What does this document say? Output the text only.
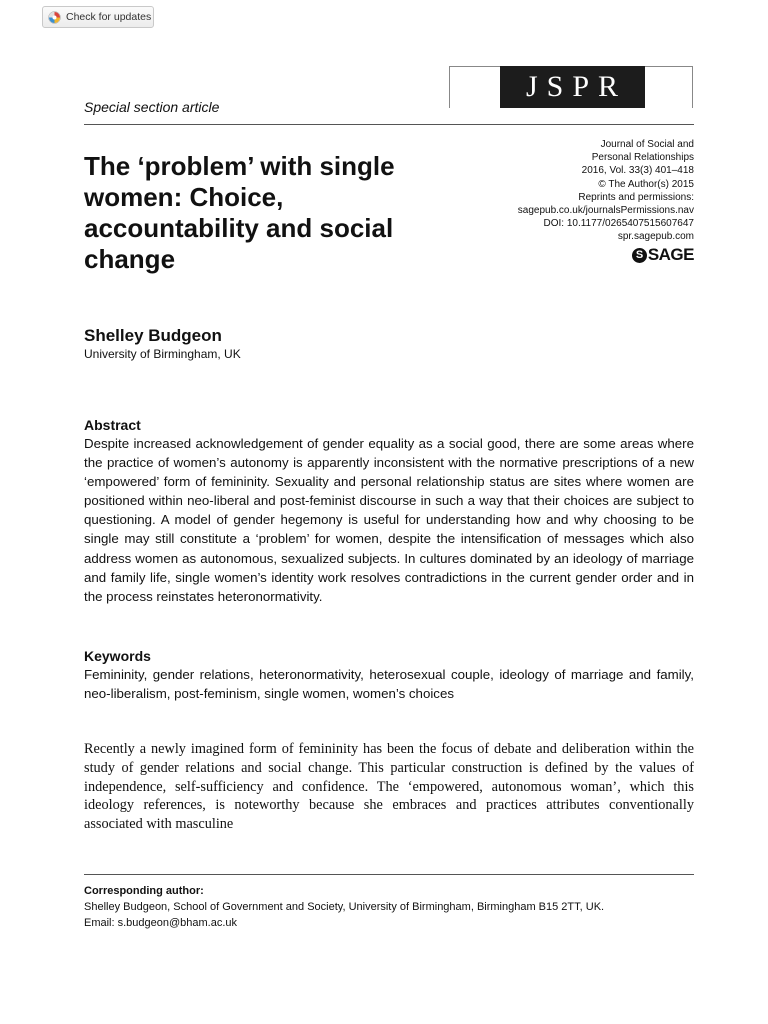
Check for updates
JSPR
Special section article
The ‘problem’ with single women: Choice, accountability and social change
Journal of Social and
Personal Relationships
2016, Vol. 33(3) 401–418
© The Author(s) 2015
Reprints and permissions:
sagepub.co.uk/journalsPermissions.nav
DOI: 10.1177/0265407515607647
spr.sagepub.com
S SAGE
Shelley Budgeon
University of Birmingham, UK
Abstract
Despite increased acknowledgement of gender equality as a social good, there are some areas where the practice of women’s autonomy is apparently inconsistent with the normative prescriptions of a new ‘empowered’ form of femininity. Sexuality and personal relationship status are sites where women are positioned within neo-liberal and post-feminist discourse in such a way that their choices are subject to questioning. A model of gender hegemony is useful for understanding how and why choosing to be single may still constitute a ‘problem’ for women, despite the intensification of messages which also address women as autonomous, sexualized subjects. In cultures dominated by an ideology of marriage and family life, single women’s identity work resolves contradictions in the current gender order and in the process reinstates heteronormativity.
Keywords
Femininity, gender relations, heteronormativity, heterosexual couple, ideology of marriage and family, neo-liberalism, post-feminism, single women, women’s choices
Recently a newly imagined form of femininity has been the focus of debate and deliberation within the study of gender relations and social change. This particular construction is defined by the values of independence, self-sufficiency and confidence. The ‘empowered, autonomous woman’, which this ideology references, is noteworthy because she embraces and practices attributes conventionally associated with masculine
Corresponding author:
Shelley Budgeon, School of Government and Society, University of Birmingham, Birmingham B15 2TT, UK.
Email: s.budgeon@bham.ac.uk
